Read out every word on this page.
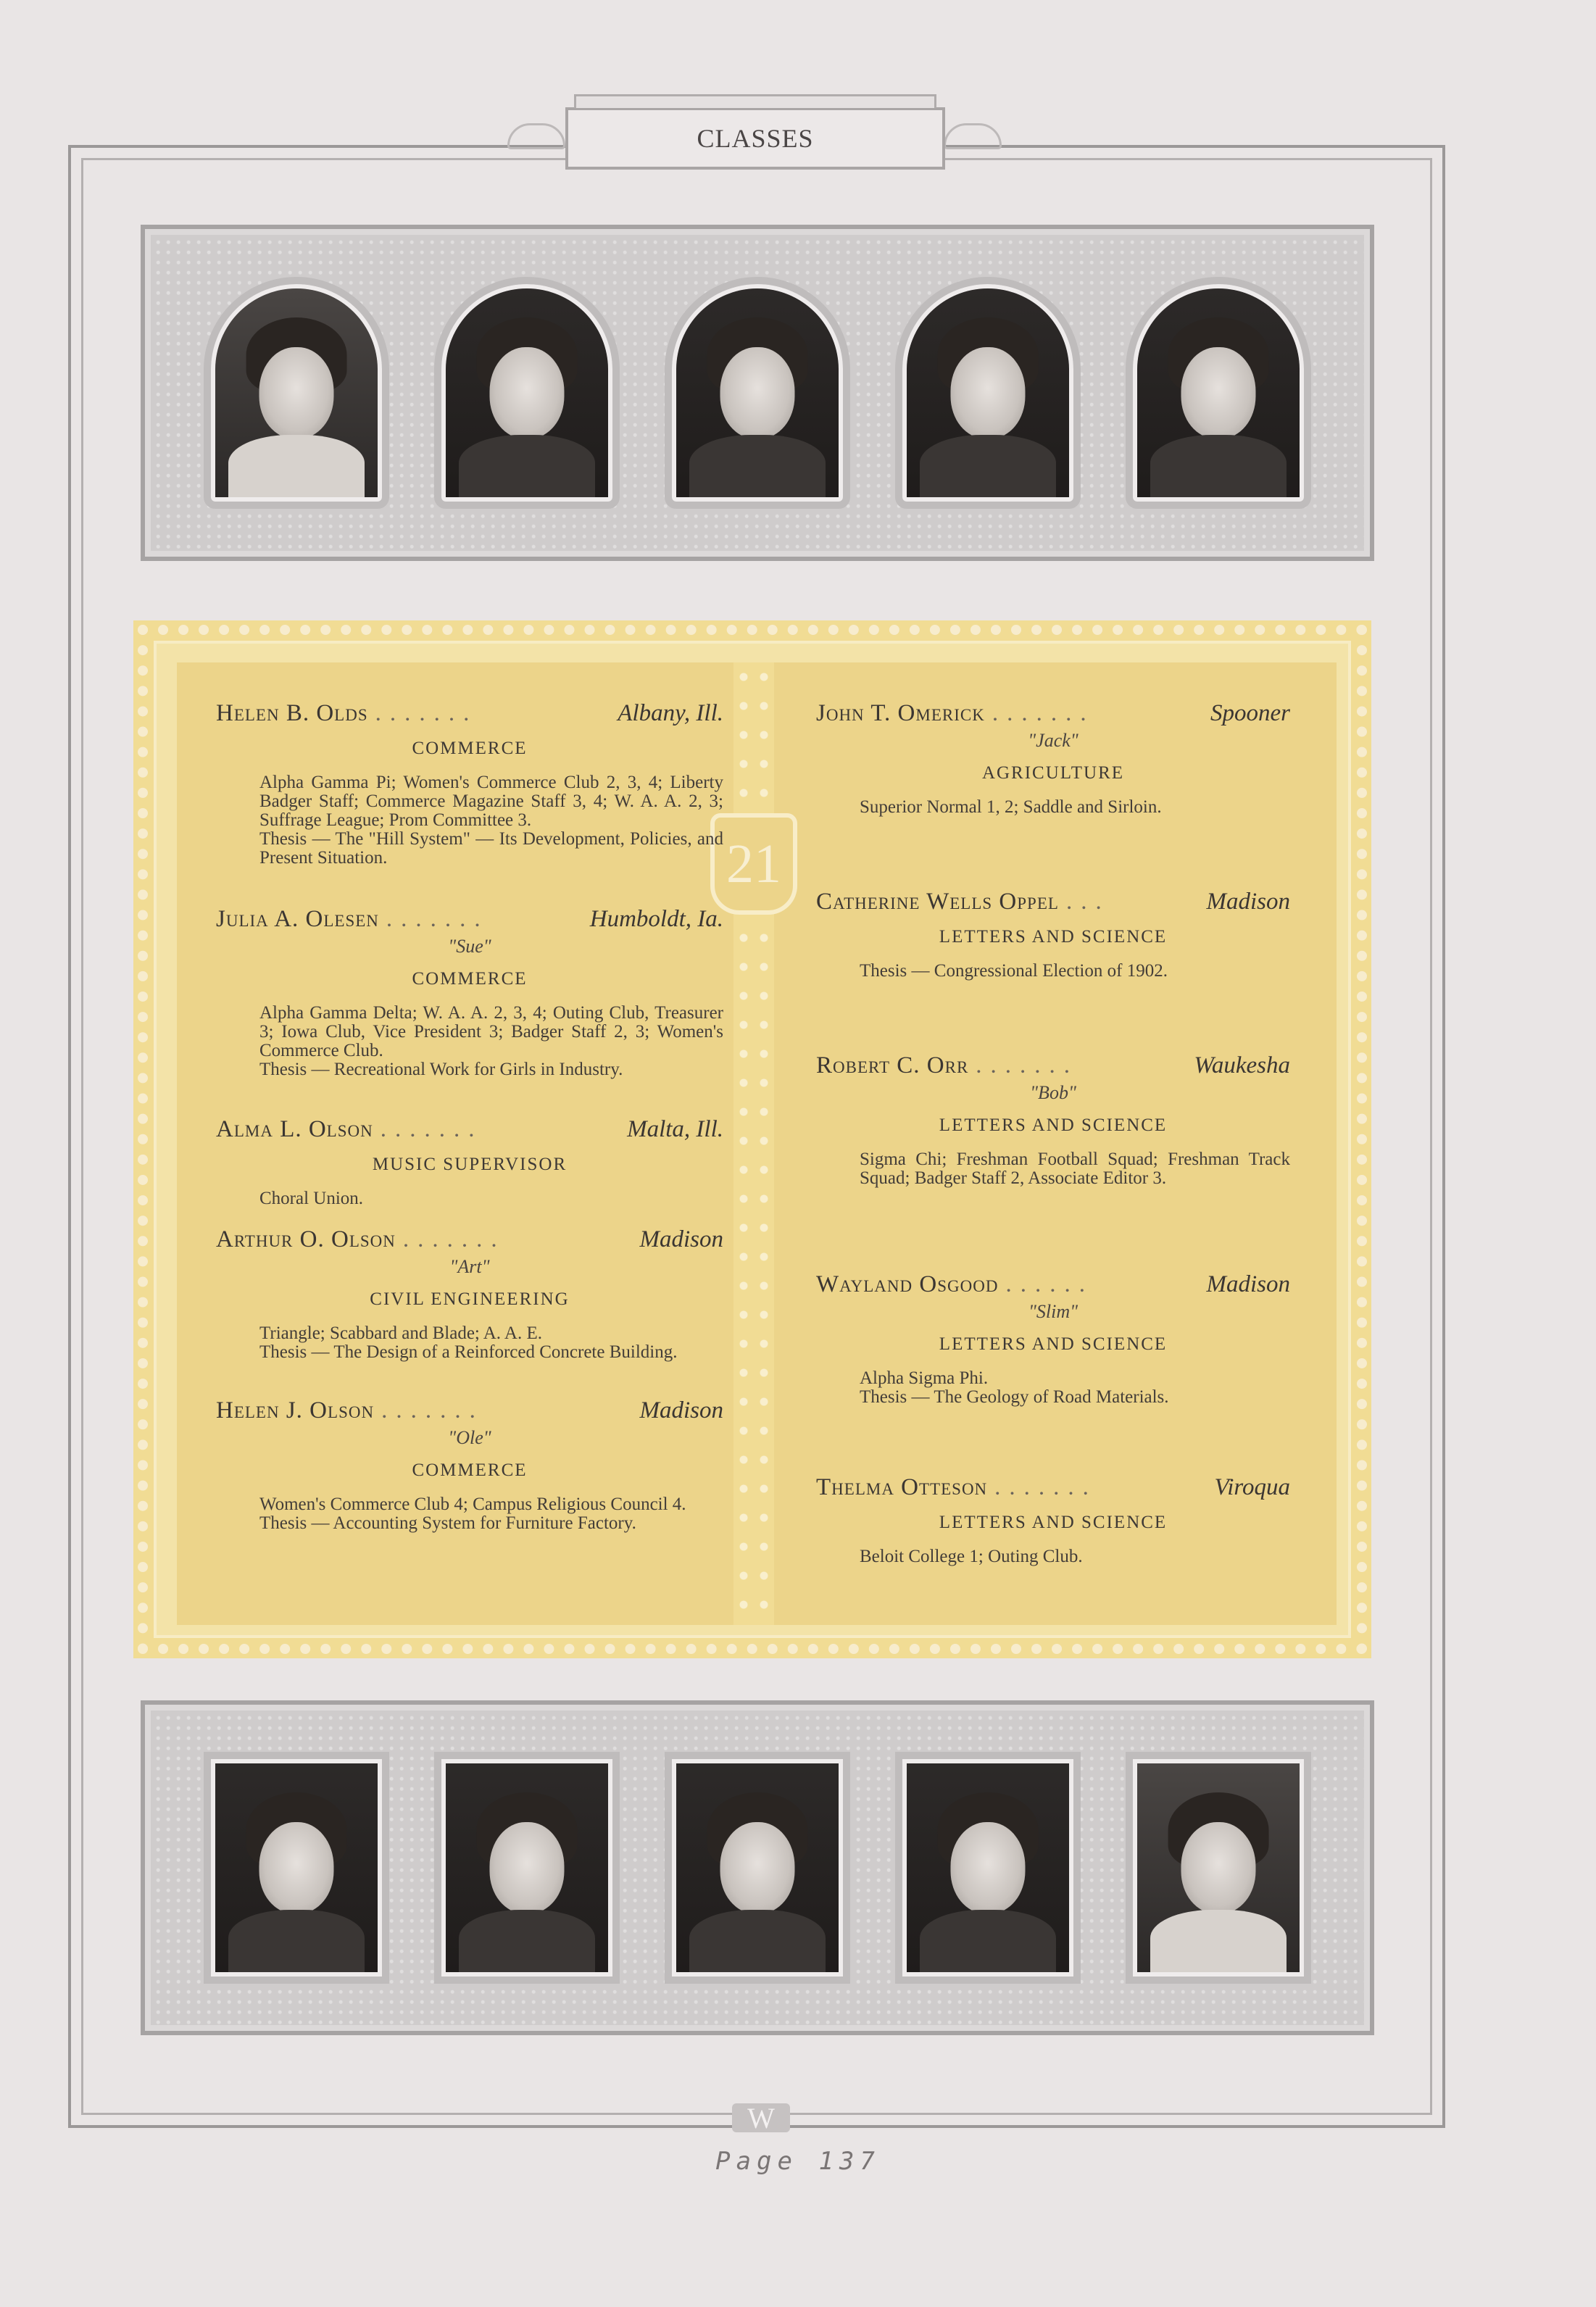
CLASSES
21
Helen B. Olds .......	Albany, Ill.
COMMERCE
Alpha Gamma Pi; Women's Commerce Club 2, 3, 4; Liberty Badger Staff; Commerce Magazine Staff 3, 4; W. A. A. 2, 3; Suffrage League; Prom Committee 3.
Thesis — The "Hill System" — Its Development, Policies, and Present Situation.
Julia A. Olesen .......	Humboldt, Ia.
"Sue"
COMMERCE
Alpha Gamma Delta; W. A. A. 2, 3, 4; Outing Club, Treasurer 3; Iowa Club, Vice President 3; Badger Staff 2, 3; Women's Commerce Club.
Thesis — Recreational Work for Girls in Industry.
Alma L. Olson .......	Malta, Ill.
MUSIC SUPERVISOR
Choral Union.
Arthur O. Olson .......	Madison
"Art"
CIVIL ENGINEERING
Triangle; Scabbard and Blade; A. A. E.
Thesis — The Design of a Reinforced Concrete Building.
Helen J. Olson .......	Madison
"Ole"
COMMERCE
Women's Commerce Club 4; Campus Religious Council 4.
Thesis — Accounting System for Furniture Factory.
John T. Omerick .......	Spooner
"Jack"
AGRICULTURE
Superior Normal 1, 2; Saddle and Sirloin.
Catherine Wells Oppel ...	Madison
LETTERS AND SCIENCE
Thesis — Congressional Election of 1902.
Robert C. Orr .......	Waukesha
"Bob"
LETTERS AND SCIENCE
Sigma Chi; Freshman Football Squad; Freshman Track Squad; Badger Staff 2, Associate Editor 3.
Wayland Osgood ......	Madison
"Slim"
LETTERS AND SCIENCE
Alpha Sigma Phi.
Thesis — The Geology of Road Materials.
Thelma Otteson .......	Viroqua
LETTERS AND SCIENCE
Beloit College 1; Outing Club.
W
Page 137
